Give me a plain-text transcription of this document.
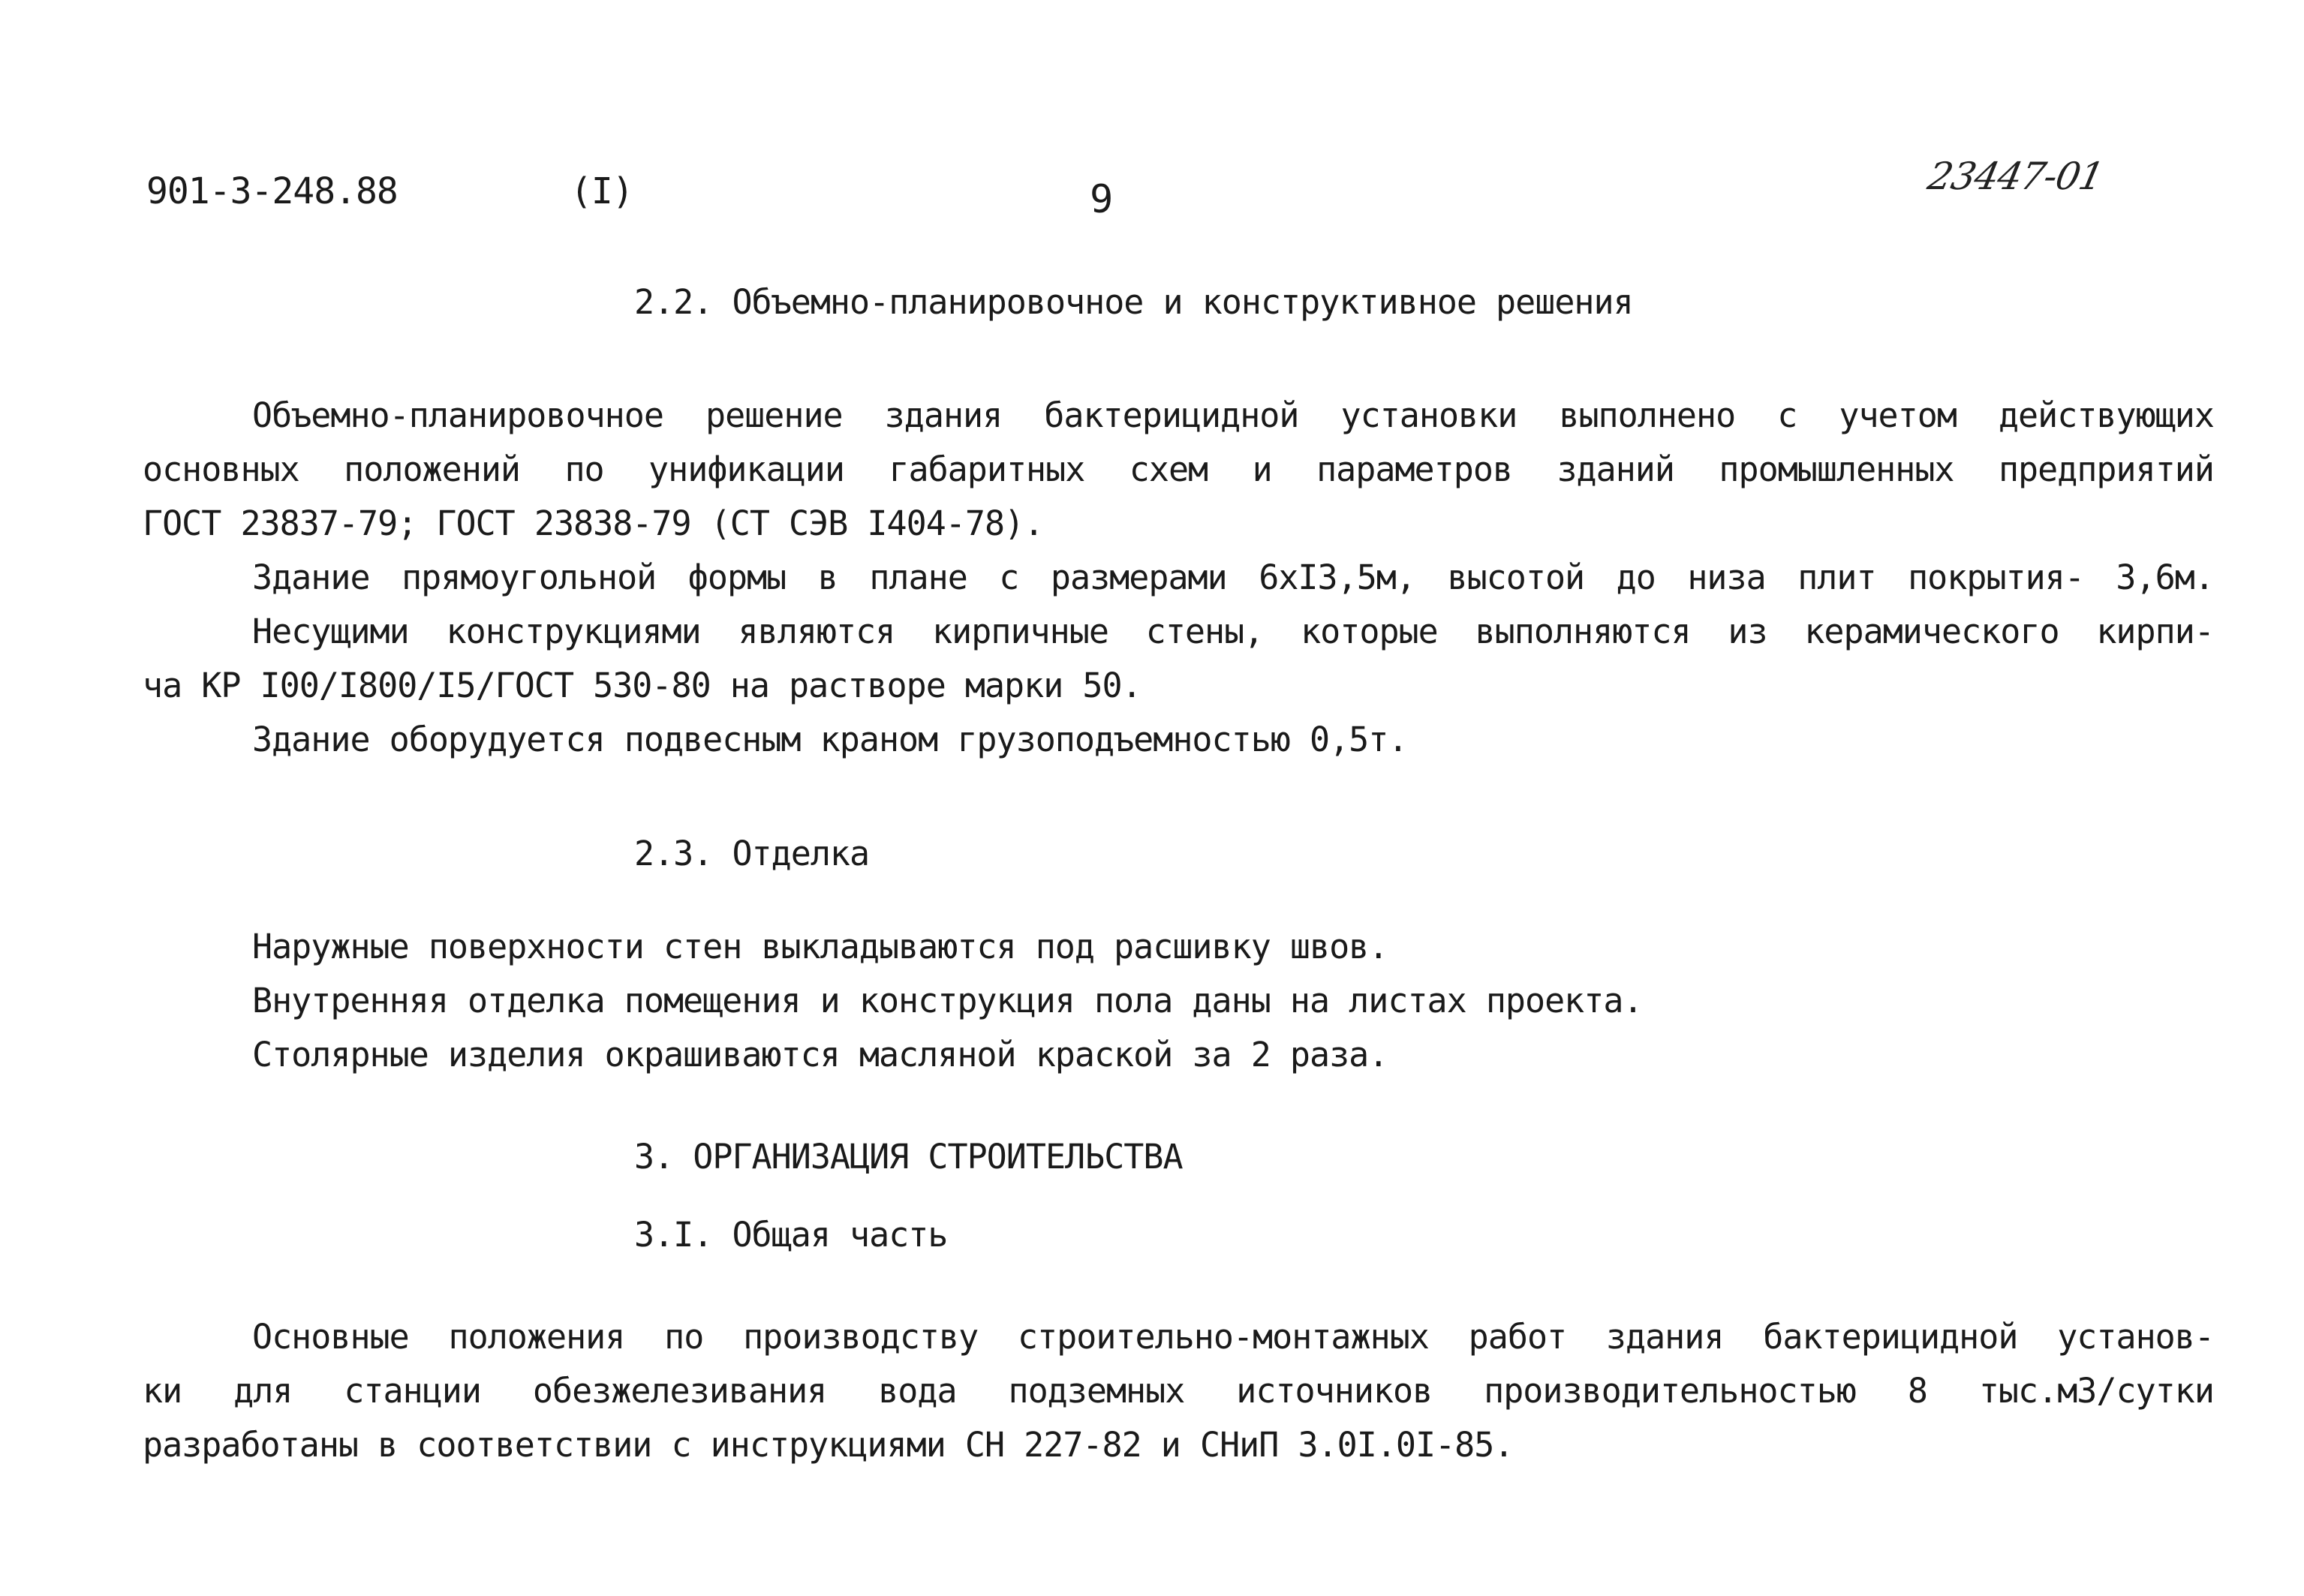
901-3-248.88	(I)	9
23447-01
2.2. Объемно-планировочное и конструктивное решения
Объемно-планировочное решение здания бактерицидной установки выполнено с учетом действующих
основных положений по унификации габаритных схем и параметров зданий промышленных предприятий
ГОСТ 23837-79; ГОСТ 23838-79 (СТ СЭВ I404-78).
Здание прямоугольной формы в плане с размерами 6xI3,5м, высотой до низа плит покрытия- 3,6м.
Несущими конструкциями являются кирпичные стены, которые выполняются из керамического кирпи-
ча КР I00/I800/I5/ГОСТ 530-80 на растворе марки 50.
Здание оборудуется подвесным краном грузоподъемностью 0,5т.
2.3. Отделка
Наружные поверхности стен выкладываются под расшивку швов.
Внутренняя отделка помещения и конструкция пола даны на листах проекта.
Столярные изделия окрашиваются масляной краской за 2 раза.
3. ОРГАНИЗАЦИЯ СТРОИТЕЛЬСТВА
3.I. Общая часть
Основные положения по производству строительно-монтажных работ здания бактерицидной установ-
ки для станции обезжелезивания вода подземных источников производительностью 8 тыс.м3/сутки
разработаны в соответствии с инструкциями СН 227-82 и СНиП 3.0I.0I-85.
